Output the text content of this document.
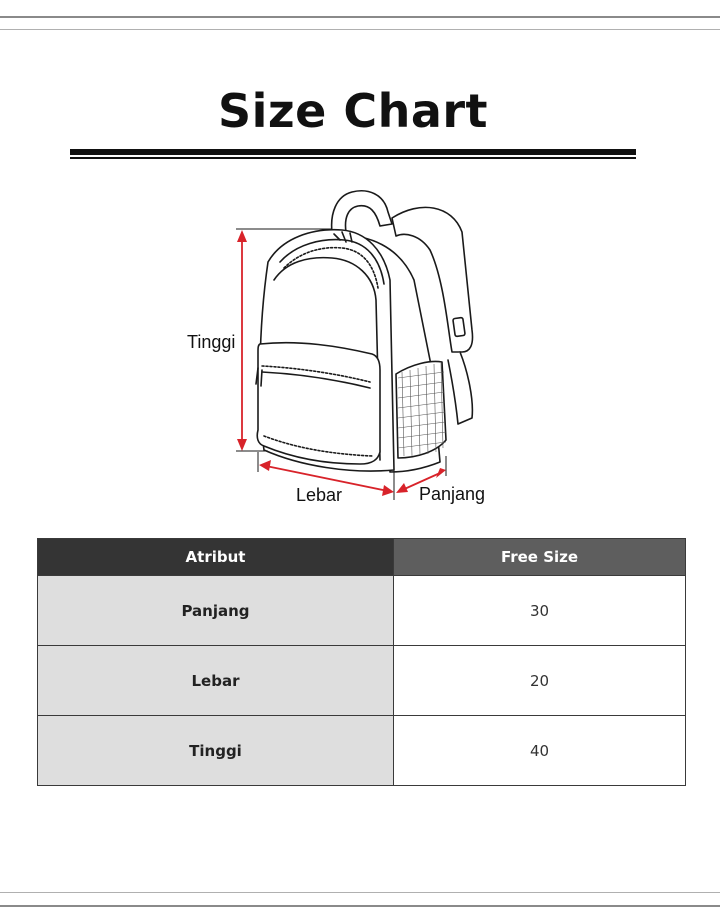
Size Chart
Tinggi
Lebar	Panjang
Atribut	Free Size
Panjang	30
Lebar	20
Tinggi	40
